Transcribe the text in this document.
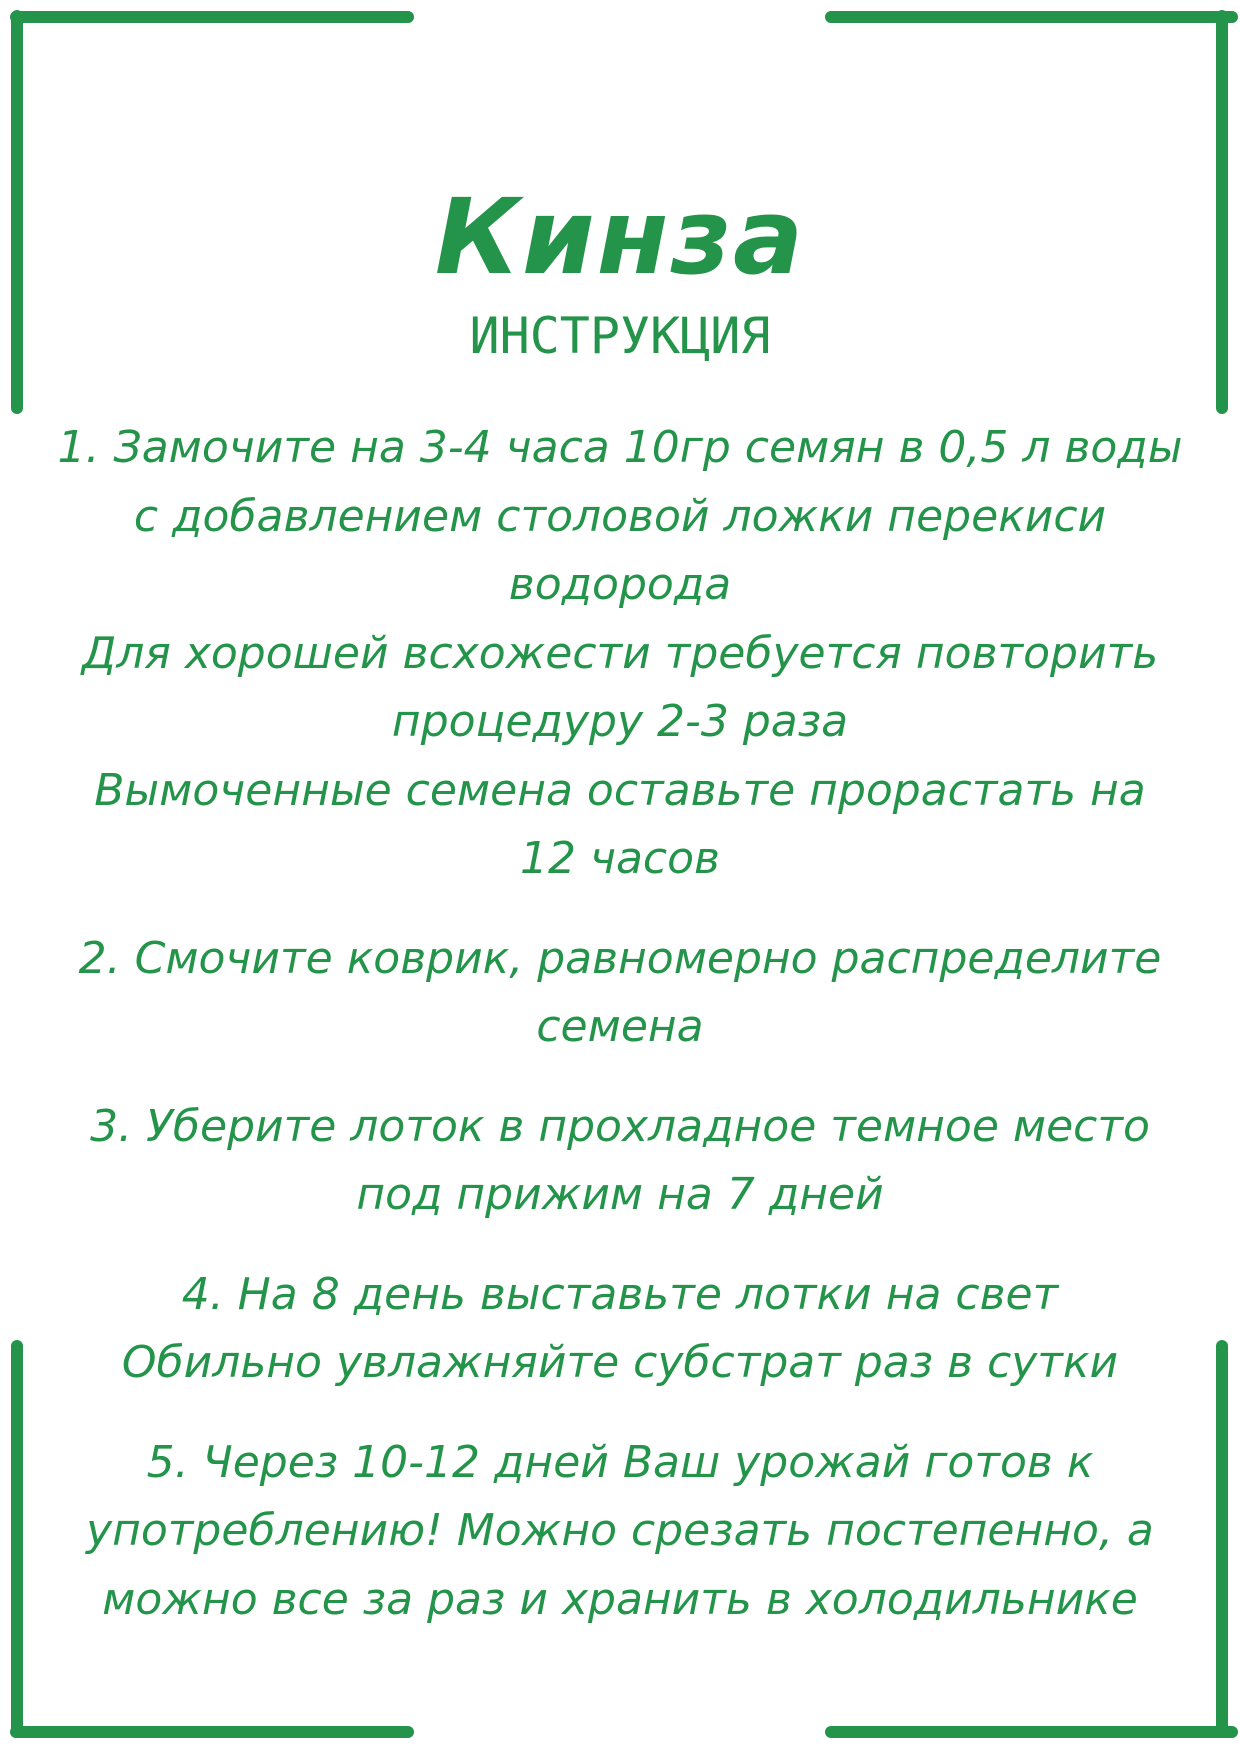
Кинза
ИНСТРУКЦИЯ
1. Замочите на 3-4 часа 10гр семян в 0,5 л воды
с добавлением столовой ложки перекиси
водорода
Для хорошей всхожести требуется повторить
процедуру 2-3 раза
Вымоченные семена оставьте прорастать на
12 часов
2. Смочите коврик, равномерно распределите
семена
3. Уберите лоток в прохладное темное место
под прижим на 7 дней
4. На 8 день выставьте лотки на свет
Обильно увлажняйте субстрат раз в сутки
5. Через 10-12 дней Ваш урожай готов к
употреблению! Можно срезать постепенно, а
можно все за раз и хранить в холодильнике
